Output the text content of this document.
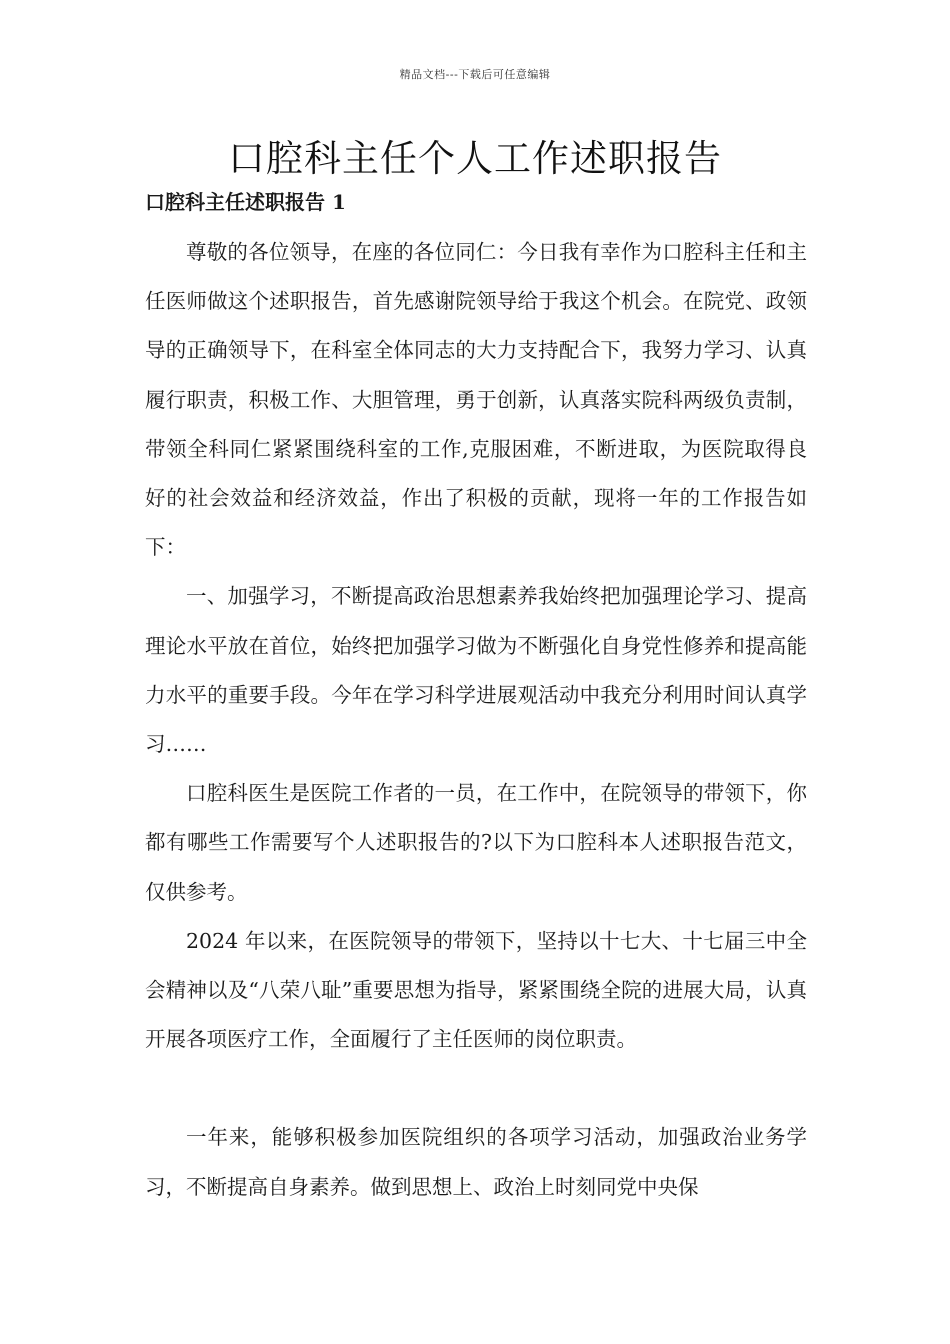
精品文档---下载后可任意编辑
口腔科主任个人工作述职报告
口腔科主任述职报告 1

尊敬的各位领导，在座的各位同仁：今日我有幸作为口腔科主任和主任医师做这个述职报告，首先感谢院领导给于我这个机会。在院党、政领导的正确领导下，在科室全体同志的大力支持配合下，我努力学习、认真履行职责，积极工作、大胆管理，勇于创新，认真落实院科两级负责制，带领全科同仁紧紧围绕科室的工作,克服困难，不断进取，为医院取得良好的社会效益和经济效益，作出了积极的贡献，现将一年的工作报告如下：

一、加强学习，不断提高政治思想素养我始终把加强理论学习、提高理论水平放在首位，始终把加强学习做为不断强化自身党性修养和提高能力水平的重要手段。今年在学习科学进展观活动中我充分利用时间认真学习……

口腔科医生是医院工作者的一员，在工作中，在院领导的带领下，你都有哪些工作需要写个人述职报告的?以下为口腔科本人述职报告范文，仅供参考。

2024 年以来，在医院领导的带领下，坚持以十七大、十七届三中全会精神以及“八荣八耻”重要思想为指导，紧紧围绕全院的进展大局，认真开展各项医疗工作，全面履行了主任医师的岗位职责。

一年来，能够积极参加医院组织的各项学习活动，加强政治业务学习，不断提高自身素养。做到思想上、政治上时刻同党中央保
